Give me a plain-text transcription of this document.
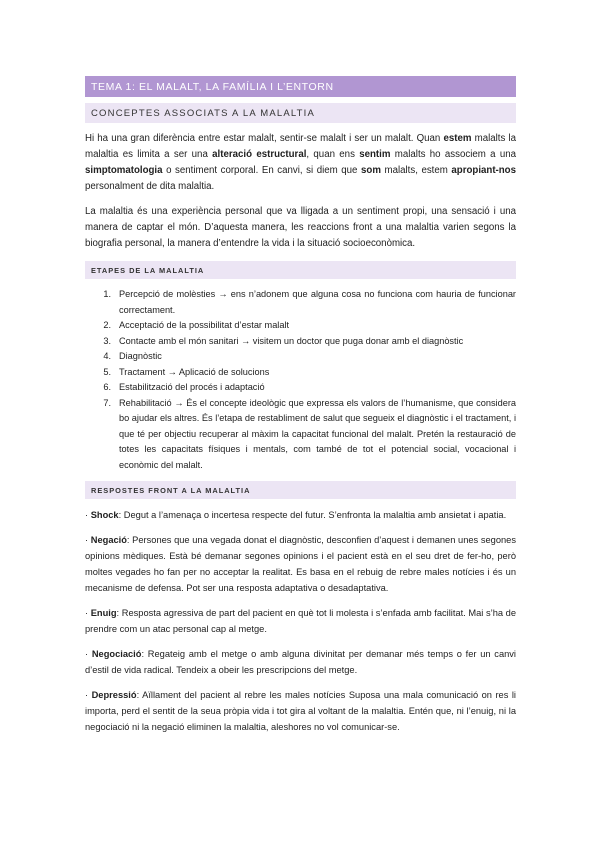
TEMA 1: EL MALALT, LA FAMÍLIA I L’ENTORN
CONCEPTES ASSOCIATS A LA MALALTIA

Hi ha una gran diferència entre estar malalt, sentir-se malalt i ser un malalt. Quan estem malalts la malaltia es limita a ser una alteració estructural, quan ens sentim malalts ho associem a una simptomatologia o sentiment corporal. En canvi, si diem que som malalts, estem apropiant-nos personalment de dita malaltia.

La malaltia és una experiència personal que va lligada a un sentiment propi, una sensació i una manera de captar el món. D’aquesta manera, les reaccions front a una malaltia varien segons la biografia personal, la manera d’entendre la vida i la situació socioeconòmica.

ETAPES DE LA MALALTIA
1. Percepció de molèsties → ens n’adonem que alguna cosa no funciona com hauria de funcionar correctament.
2. Acceptació de la possibilitat d’estar malalt
3. Contacte amb el món sanitari → visitem un doctor que puga donar amb el diagnòstic
4. Diagnòstic
5. Tractament → Aplicació de solucions
6. Estabilització del procés i adaptació
7. Rehabilitació → És el concepte ideològic que expressa els valors de l’humanisme, que considera bo ajudar els altres. És l’etapa de restabliment de salut que segueix el diagnòstic i el tractament, i que té per objectiu recuperar al màxim la capacitat funcional del malalt. Pretén la restauració de totes les capacitats físiques i mentals, com també de tot el potencial social, vocacional i econòmic del malalt.
RESPOSTES FRONT A LA MALALTIA

· Shock: Degut a l’amenaça o incertesa respecte del futur. S’enfronta la malaltia amb ansietat i apatia.

· Negació: Persones que una vegada donat el diagnòstic, desconfien d’aquest i demanen unes segones opinions mèdiques. Està bé demanar segones opinions i el pacient està en el seu dret de fer-ho, però moltes vegades ho fan per no acceptar la realitat. Es basa en el rebuig de rebre males notícies i és un mecanisme de defensa. Pot ser una resposta adaptativa o desadaptativa.

· Enuig: Resposta agressiva de part del pacient en què tot li molesta i s’enfada amb facilitat. Mai s’ha de prendre com un atac personal cap al metge.

· Negociació: Regateig amb el metge o amb alguna divinitat per demanar més temps o fer un canvi d’estil de vida radical. Tendeix a obeir les prescripcions del metge.

· Depressió: Aïllament del pacient al rebre les males notícies Suposa una mala comunicació on res li importa, perd el sentit de la seua pròpia vida i tot gira al voltant de la malaltia. Entén que, ni l’enuig, ni la negociació ni la negació eliminen la malaltia, aleshores no vol comunicar-se.
